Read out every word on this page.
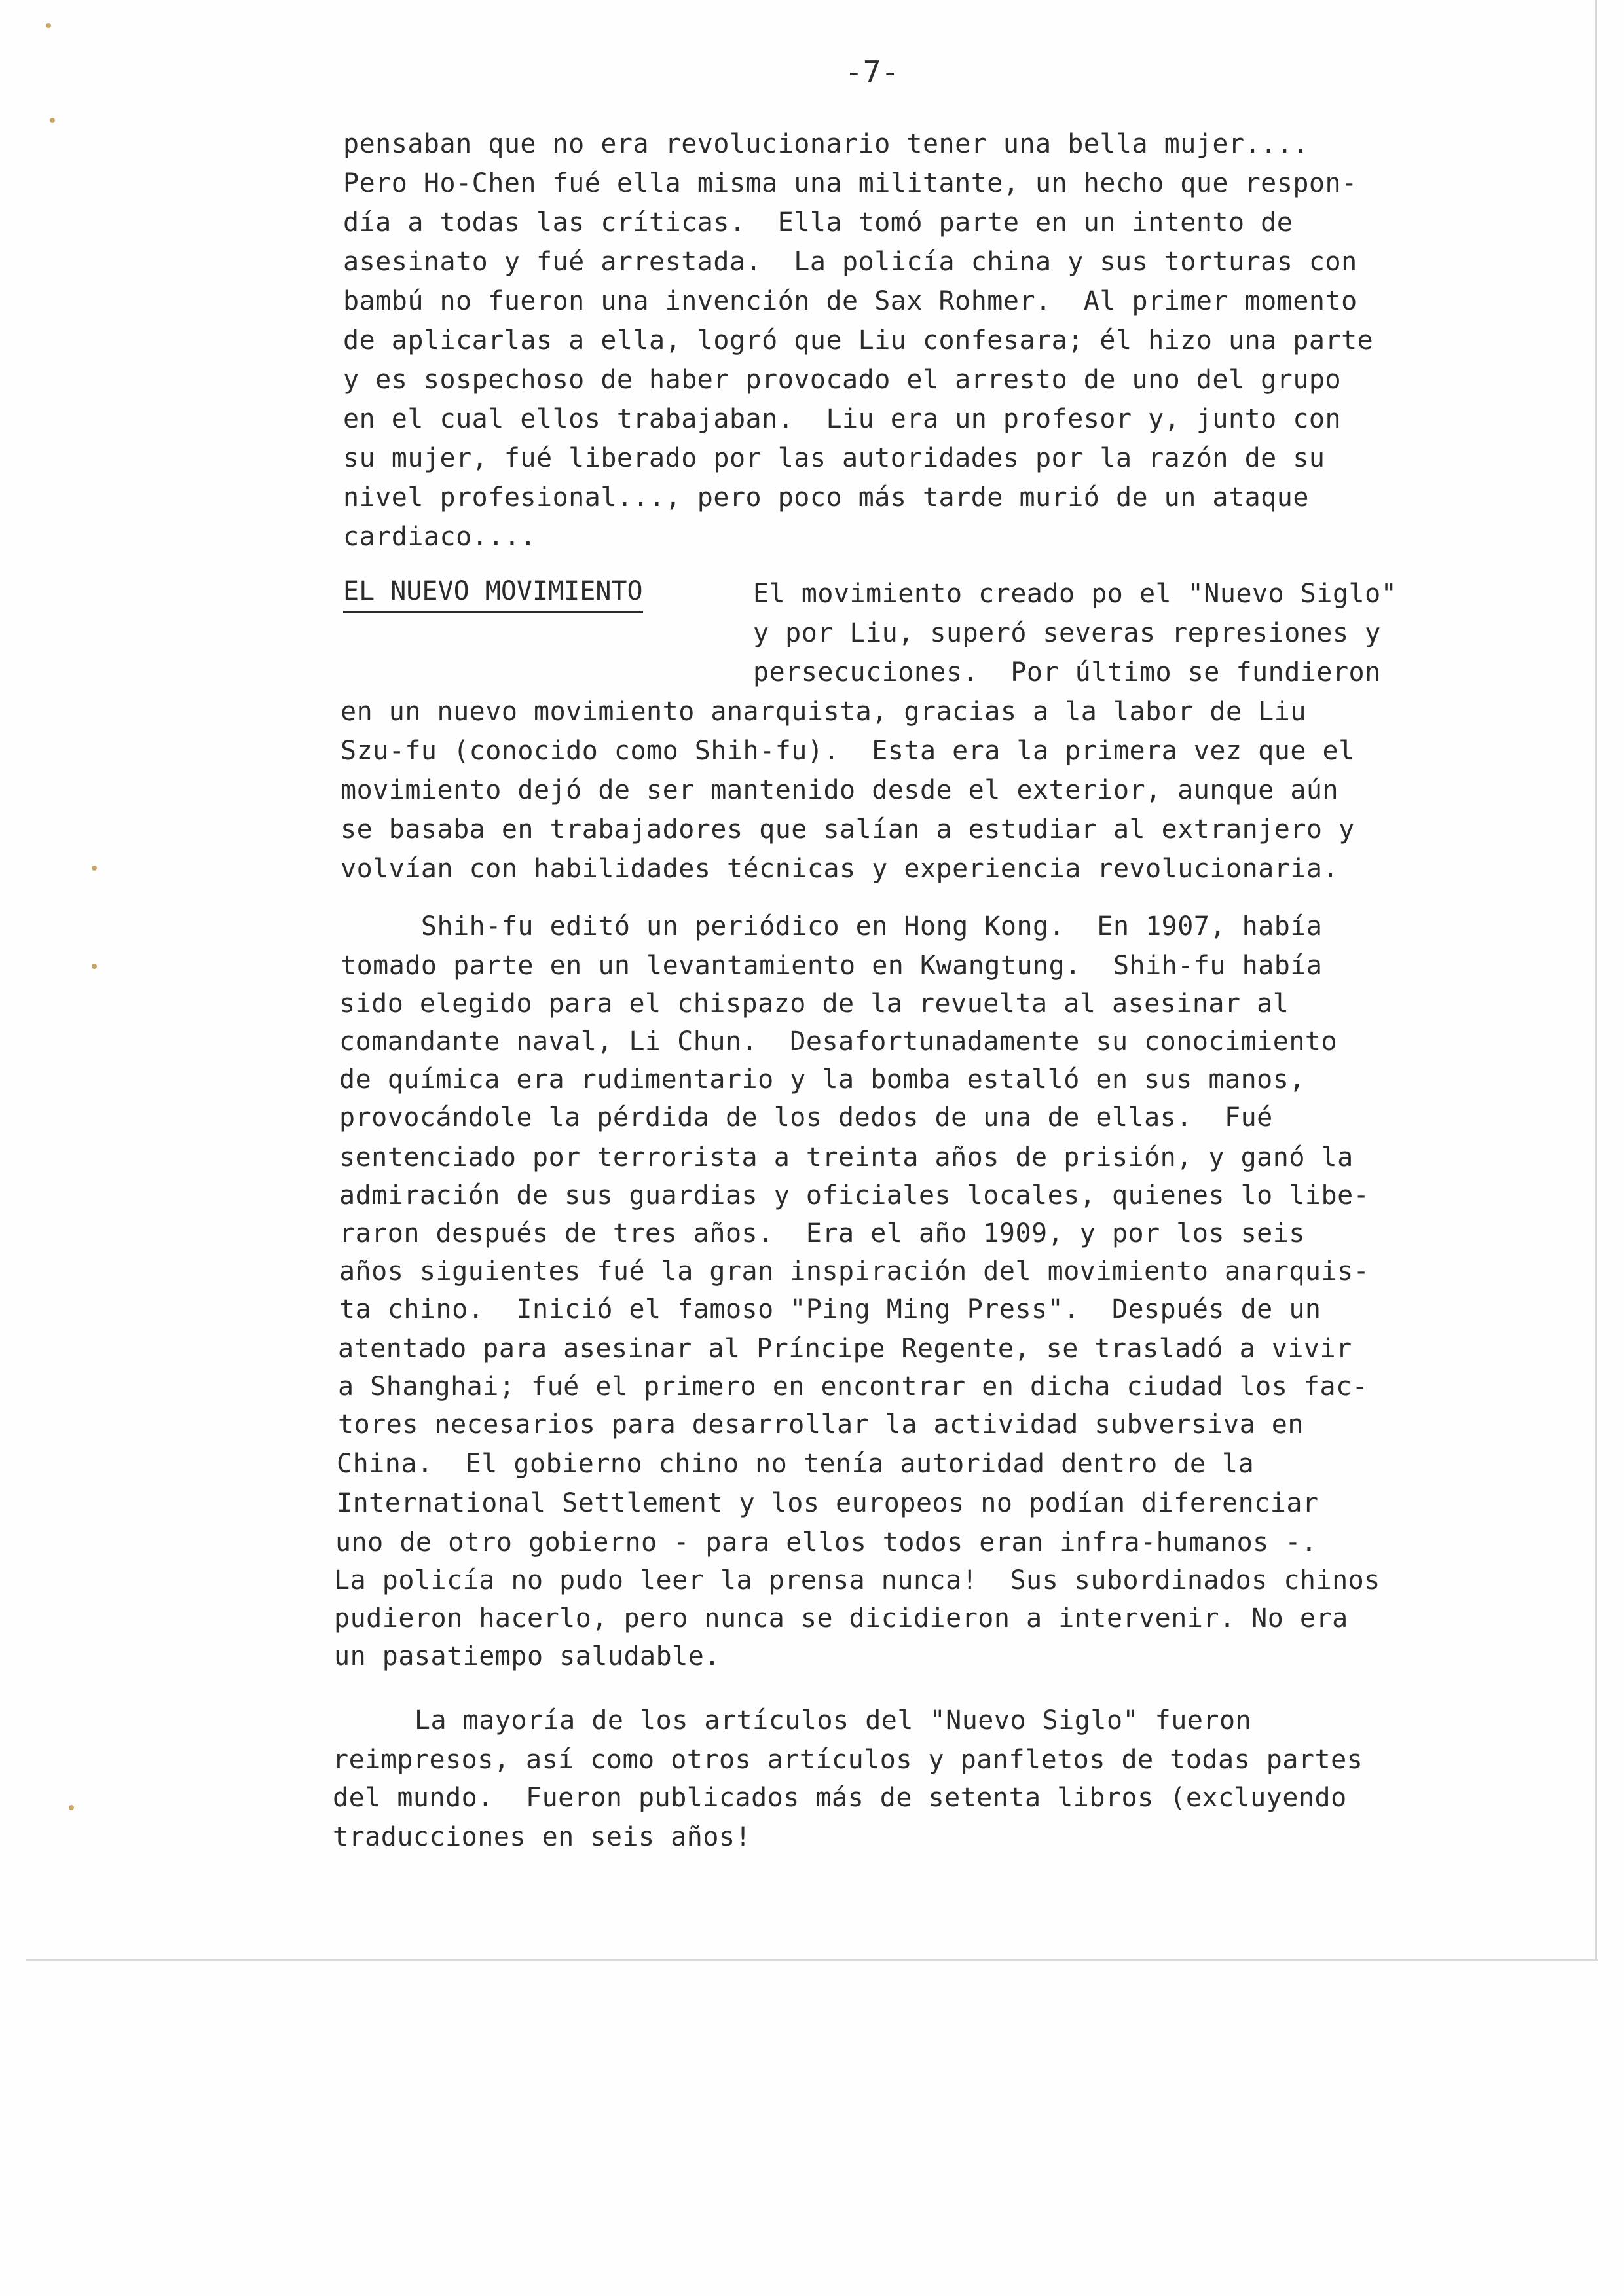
-7-
pensaban que no era revolucionario tener una bella mujer....
Pero Ho-Chen fué ella misma una militante, un hecho que respon-
día a todas las críticas.  Ella tomó parte en un intento de
asesinato y fué arrestada.  La policía china y sus torturas con
bambú no fueron una invención de Sax Rohmer.  Al primer momento
de aplicarlas a ella, logró que Liu confesara; él hizo una parte
y es sospechoso de haber provocado el arresto de uno del grupo
en el cual ellos trabajaban.  Liu era un profesor y, junto con
su mujer, fué liberado por las autoridades por la razón de su
nivel profesional..., pero poco más tarde murió de un ataque
cardiaco....
EL NUEVO MOVIMIENTO	El movimiento creado po el "Nuevo Siglo"
y por Liu, superó severas represiones y
persecuciones.  Por último se fundieron
en un nuevo movimiento anarquista, gracias a la labor de Liu
Szu-fu (conocido como Shih-fu).  Esta era la primera vez que el
movimiento dejó de ser mantenido desde el exterior, aunque aún
se basaba en trabajadores que salían a estudiar al extranjero y
volvían con habilidades técnicas y experiencia revolucionaria.
Shih-fu editó un periódico en Hong Kong.  En 1907, había
tomado parte en un levantamiento en Kwangtung.  Shih-fu había
sido elegido para el chispazo de la revuelta al asesinar al
comandante naval, Li Chun.  Desafortunadamente su conocimiento
de química era rudimentario y la bomba estalló en sus manos,
provocándole la pérdida de los dedos de una de ellas.  Fué
sentenciado por terrorista a treinta años de prisión, y ganó la
admiración de sus guardias y oficiales locales, quienes lo libe-
raron después de tres años.  Era el año 1909, y por los seis
años siguientes fué la gran inspiración del movimiento anarquis-
ta chino.  Inició el famoso "Ping Ming Press".  Después de un
atentado para asesinar al Príncipe Regente, se trasladó a vivir
a Shanghai; fué el primero en encontrar en dicha ciudad los fac-
tores necesarios para desarrollar la actividad subversiva en
China.  El gobierno chino no tenía autoridad dentro de la
International Settlement y los europeos no podían diferenciar
uno de otro gobierno - para ellos todos eran infra-humanos -.
La policía no pudo leer la prensa nunca!  Sus subordinados chinos
pudieron hacerlo, pero nunca se dicidieron a intervenir. No era
un pasatiempo saludable.
La mayoría de los artículos del "Nuevo Siglo" fueron
reimpresos, así como otros artículos y panfletos de todas partes
del mundo.  Fueron publicados más de setenta libros (excluyendo
traducciones en seis años!
